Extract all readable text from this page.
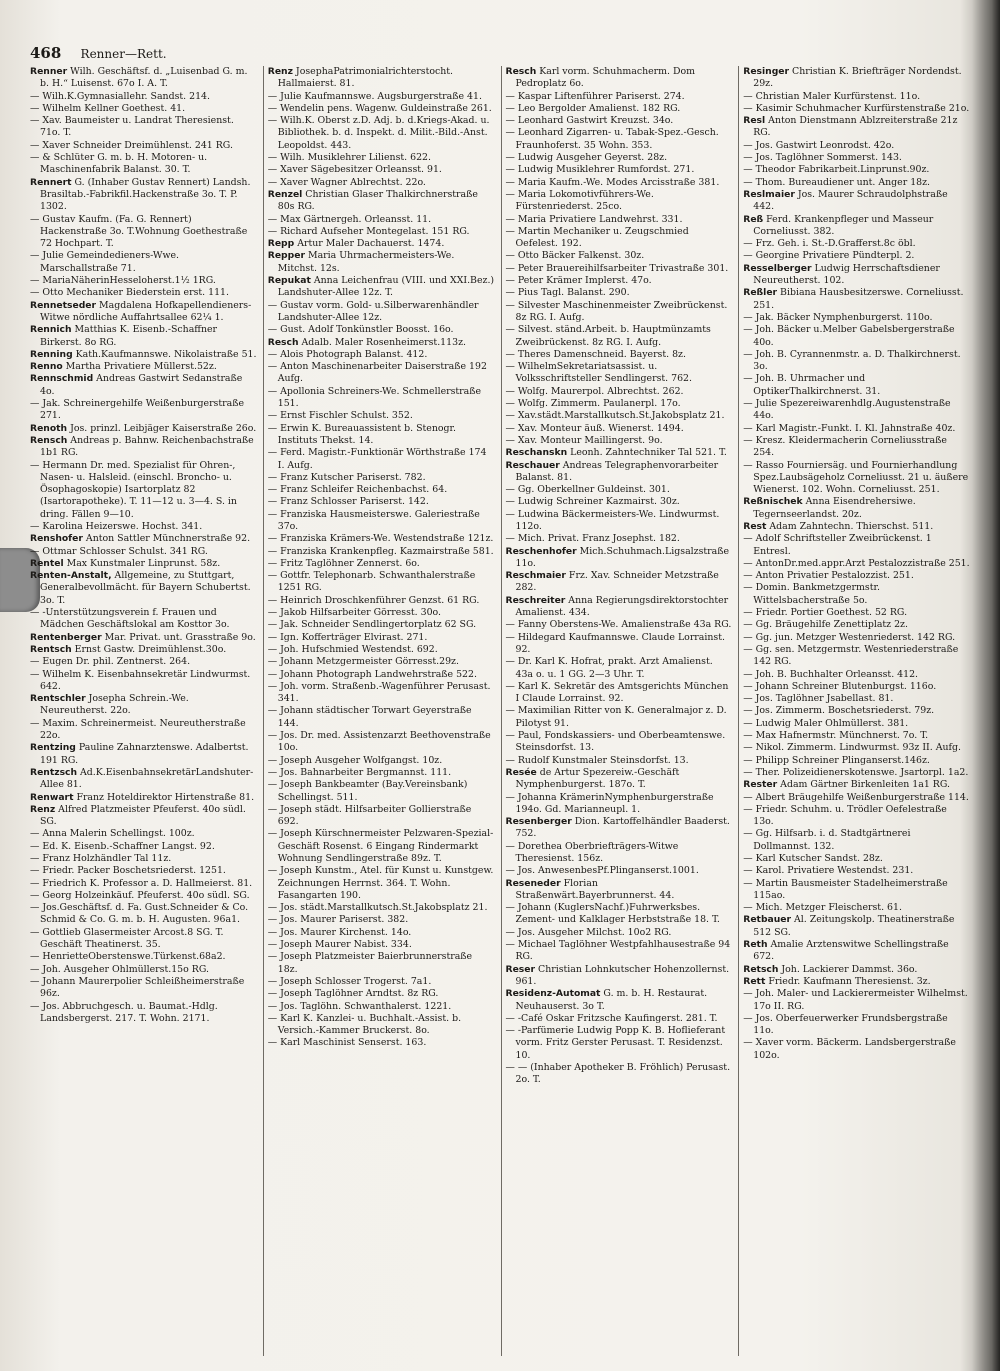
468 Renner—Rett.

Renner Wilh. Geschäftsf. d. „Luisenbad G. m. b. H.“ Luisenst. 67o I. A. T.

— Wilh.K.Gymnasiallehr. Sandst. 214.

— Wilhelm Kellner Goethest. 41.

— Xav. Baumeister u. Landrat Theresienst. 71o. T.

— Xaver Schneider Dreimühlenst. 241 RG.

— & Schlüter G. m. b. H. Motoren- u. Maschinenfabrik Balanst. 30. T.

Rennert G. (Inhaber Gustav Rennert) Landsh. Brasiltab.-Fabrikfil.Hackenstraße 3o. T. P. 1302.

— Gustav Kaufm. (Fa. G. Rennert) Hackenstraße 3o. T.Wohnung Goethestraße 72 Hochpart. T.

— Julie Gemeindedieners-Wwe. Marschallstraße 71.

— MariaNäherinHesseloherst.1½ 1RG.

— Otto Mechaniker Biederstein erst. 111.

Rennetseder Magdalena Hofkapellendieners-Witwe nördliche Auffahrtsallee 62¼ 1.

Rennich Matthias K. Eisenb.-Schaffner Birkerst. 8o RG.

Renning Kath.Kaufmannswe. Nikolaistraße 51.

Renno Martha Privatiere Müllerst.52z.

Rennschmid Andreas Gastwirt Sedanstraße 4o.

— Jak. Schreinergehilfe Weißenburgerstraße 271.

Renoth Jos. prinzl. Leibjäger Kaiserstraße 26o.

Rensch Andreas p. Bahnw. Reichenbachstraße 1b1 RG.

— Hermann Dr. med. Spezialist für Ohren-, Nasen- u. Halsleid. (einschl. Broncho- u. Ösophagoskopie) Isartorplatz 82 (Isartorapotheke). T. 11—12 u. 3—4. S. in dring. Fällen 9—10.

— Karolina Heizerswe. Hochst. 341.

Renshofer Anton Sattler Münchnerstraße 92.

— Ottmar Schlosser Schulst. 341 RG.

Rentel Max Kunstmaler Linprunst. 58z.

Renten-Anstalt, Allgemeine, zu Stuttgart, Generalbevollmächt. für Bayern Schubertst. 3o. T.

— -Unterstützungsverein f. Frauen und Mädchen Geschäftslokal am Kosttor 3o.

Rentenberger Mar. Privat. unt. Grasstraße 9o.

Rentsch Ernst Gastw. Dreimühlenst.30o.

— Eugen Dr. phil. Zentnerst. 264.

— Wilhelm K. Eisenbahnsekretär Lindwurmst. 642.

Rentschler Josepha Schrein.-We. Neureutherst. 22o.

— Maxim. Schreinermeist. Neureutherstraße 22o.

Rentzing Pauline Zahnarztenswe. Adalbertst. 191 RG.

Rentzsch Ad.K.EisenbahnsekretärLandshuter-Allee 81.

Renwart Franz Hoteldirektor Hirtenstraße 81.

Renz Alfred Platzmeister Pfeuferst. 40o südl. SG.

— Anna Malerin Schellingst. 100z.

— Ed. K. Eisenb.-Schaffner Langst. 92.

— Franz Holzhändler Tal 11z.

— Friedr. Packer Boschetsriederst. 1251.

— Friedrich K. Professor a. D. Hallmeierst. 81.

— Georg Holzeinkäuf. Pfeuferst. 40o südl. SG.

— Jos.Geschäftsf. d. Fa. Gust.Schneider & Co. Schmid & Co. G. m. b. H. Augusten. 96a1.

— Gottlieb Glasermeister Arcost.8 SG. T. Geschäft Theatinerst. 35.

— HenrietteOberstenswe.Türkenst.68a2.

— Joh. Ausgeher Ohlmüllerst.15o RG.

— Johann Maurerpolier Schleißheimerstraße 96z.

— Jos. Abbruchgesch. u. Baumat.-Hdlg. Landsbergerst. 217. T. Wohn. 2171.

Renz JosephaPatrimonialrichterstocht. Hallmaierst. 81.

— Julie Kaufmannswe. Augsburgerstraße 41.

— Wendelin pens. Wagenw. Guldeinstraße 261.

— Wilh.K. Oberst z.D. Adj. b. d.Kriegs-Akad. u. Bibliothek. b. d. Inspekt. d. Milit.-Bild.-Anst. Leopoldst. 443.

— Wilh. Musiklehrer Lilienst. 622.

— Xaver Sägebesitzer Orleansst. 91.

— Xaver Wagner Ablrechtst. 22o.

Renzel Christian Glaser Thalkirchnerstraße 80s RG.

— Max Gärtnergeh. Orleansst. 11.

— Richard Aufseher Montegelast. 151 RG.

Repp Artur Maler Dachauerst. 1474.

Repper Maria Uhrmachermeisters-We. Mitchst. 12s.

Repukat Anna Leichenfrau (VIII. und XXI.Bez.) Landshuter-Allee 12z. T.

— Gustav vorm. Gold- u.Silberwarenhändler Landshuter-Allee 12z.

— Gust. Adolf Tonkünstler Boosst. 16o.

Resch Adalb. Maler Rosenheimerst.113z.

— Alois Photograph Balanst. 412.

— Anton Maschinenarbeiter Daiserstraße 192 Aufg.

— Apollonia Schreiners-We. Schmellerstraße 151.

— Ernst Fischler Schulst. 352.

— Erwin K. Bureauassistent b. Stenogr. Instituts Thekst. 14.

— Ferd. Magistr.-Funktionär Wörthstraße 174 I. Aufg.

— Franz Kutscher Pariserst. 782.

— Franz Schleifer Reichenbachst. 64.

— Franz Schlosser Pariserst. 142.

— Franziska Hausmeisterswe. Galeriestraße 37o.

— Franziska Krämers-We. Westendstraße 121z.

— Franziska Krankenpfleg. Kazmairstraße 581.

— Fritz Taglöhner Zennerst. 6o.

— Gottfr. Telephonarb. Schwanthalerstraße 1251 RG.

— Heinrich Droschkenführer Genzst. 61 RG.

— Jakob Hilfsarbeiter Görresst. 30o.

— Jak. Schneider Sendlingertorplatz 62 SG.

— Ign. Kofferträger Elvirast. 271.

— Joh. Hufschmied Westendst. 692.

— Johann Metzgermeister Görresst.29z.

— Johann Photograph Landwehrstraße 522.

— Joh. vorm. Straßenb.-Wagenführer Perusast. 341.

— Johann städtischer Torwart Geyerstraße 144.

— Jos. Dr. med. Assistenzarzt Beethovenstraße 10o.

— Joseph Ausgeher Wolfgangst. 10z.

— Jos. Bahnarbeiter Bergmannst. 111.

— Joseph Bankbeamter (Bay.Vereinsbank) Schellingst. 511.

— Joseph städt. Hilfsarbeiter Gollierstraße 692.

— Joseph Kürschnermeister Pelzwaren-Spezial-Geschäft Rosenst. 6 Eingang Rindermarkt Wohnung Sendlingerstraße 89z. T.

— Joseph Kunstm., Atel. für Kunst u. Kunstgew. Zeichnungen Herrnst. 364. T. Wohn. Fasangarten 190.

— Jos. städt.Marstallkutsch.St.Jakobsplatz 21.

— Jos. Maurer Pariserst. 382.

— Jos. Maurer Kirchenst. 14o.

— Joseph Maurer Nabist. 334.

— Joseph Platzmeister Baierbrunnerstraße 18z.

— Joseph Schlosser Trogerst. 7a1.

— Joseph Taglöhner Arndtst. 8z RG.

— Jos. Taglöhn. Schwanthalerst. 1221.

— Karl K. Kanzlei- u. Buchhalt.-Assist. b. Versich.-Kammer Bruckerst. 8o.

— Karl Maschinist Senserst. 163.

Resch Karl vorm. Schuhmacherm. Dom Pedroplatz 6o.

— Kaspar Liftenführer Pariserst. 274.

— Leo Bergolder Amalienst. 182 RG.

— Leonhard Gastwirt Kreuzst. 34o.

— Leonhard Zigarren- u. Tabak-Spez.-Gesch. Fraunhoferst. 35 Wohn. 353.

— Ludwig Ausgeher Geyerst. 28z.

— Ludwig Musiklehrer Rumfordst. 271.

— Maria Kaufm.-We. Modes Arcisstraße 381.

— Maria Lokomotivführers-We. Fürstenriederst. 25co.

— Maria Privatiere Landwehrst. 331.

— Martin Mechaniker u. Zeugschmied Oefelest. 192.

— Otto Bäcker Falkenst. 30z.

— Peter Brauereihilfsarbeiter Trivastraße 301.

— Peter Krämer Implerst. 47o.

— Pius Tagl. Balanst. 290.

— Silvester Maschinenmeister Zweibrückenst. 8z RG. I. Aufg.

— Silvest. ständ.Arbeit. b. Hauptmünzamts Zweibrückenst. 8z RG. I. Aufg.

— Theres Damenschneid. Bayerst. 8z.

— WilhelmSekretariatsassist. u. Volksschriftsteller Sendlingerst. 762.

— Wolfg. Maurerpol. Albrechtst. 262.

— Wolfg. Zimmerm. Paulanerpl. 17o.

— Xav.städt.Marstallkutsch.St.Jakobsplatz 21.

— Xav. Monteur äuß. Wienerst. 1494.

— Xav. Monteur Maillingerst. 9o.

Reschanskn Leonh. Zahntechniker Tal 521. T.

Reschauer Andreas Telegraphenvorarbeiter Balanst. 81.

— Gg. Oberkellner Guldeinst. 301.

— Ludwig Schreiner Kazmairst. 30z.

— Ludwina Bäckermeisters-We. Lindwurmst. 112o.

— Mich. Privat. Franz Josephst. 182.

Reschenhofer Mich.Schuhmach.Ligsalzstraße 11o.

Reschmaier Frz. Xav. Schneider Metzstraße 282.

Reschreiter Anna Regierungsdirektorstochter Amalienst. 434.

— Fanny Oberstens-We. Amalienstraße 43a RG.

— Hildegard Kaufmannswe. Claude Lorrainst. 92.

— Dr. Karl K. Hofrat, prakt. Arzt Amalienst. 43a o. u. 1 GG. 2—3 Uhr. T.

— Karl K. Sekretär des Amtsgerichts München I Claude Lorrainst. 92.

— Maximilian Ritter von K. Generalmajor z. D. Pilotyst 91.

— Paul, Fondskassiers- und Oberbeamtenswe. Steinsdorfst. 13.

— Rudolf Kunstmaler Steinsdorfst. 13.

Resée de Artur Spezereiw.-Geschäft Nymphenburgerst. 187o. T.

— Johanna KrämerinNymphenburgerstraße 194o. Gd. Marianneupl. 1.

Resenberger Dion. Kartoffelhändler Baaderst. 752.

— Dorethea Oberbriefträgers-Witwe Theresienst. 156z.

— Jos. AnwesenbesPf.Plinganserst.1001.

Reseneder Florian Straßenwärt.Bayerbrunnerst. 44.

— Johann (KuglersNachf.)Fuhrwerksbes. Zement- und Kalklager Herbststraße 18. T.

— Jos. Ausgeher Milchst. 10o2 RG.

— Michael Taglöhner Westpfahlhausestraße 94 RG.

Reser Christian Lohnkutscher Hohenzollernst. 961.

Residenz-Automat G. m. b. H. Restaurat. Neuhauserst. 3o T.

— -Café Oskar Fritzsche Kaufingerst. 281. T.

— -Parfümerie Ludwig Popp K. B. Hoflieferant vorm. Fritz Gerster Perusast. T. Residenzst. 10.

— — (Inhaber Apotheker B. Fröhlich) Perusast. 2o. T.

Resinger Christian K. Briefträger Nordendst. 29z.

— Christian Maler Kurfürstenst. 11o.

— Kasimir Schuhmacher Kurfürstenstraße 21o.

Resl Anton Dienstmann Ablzreiterstraße 21z RG.

— Jos. Gastwirt Leonrodst. 42o.

— Jos. Taglöhner Sommerst. 143.

— Theodor Fabrikarbeit.Linprunst.90z.

— Thom. Bureaudiener unt. Anger 18z.

Reslmaier Jos. Maurer Schraudolphstraße 442.

Reß Ferd. Krankenpfleger und Masseur Corneliusst. 382.

— Frz. Geh. i. St.-D.Grafferst.8c öbl.

— Georgine Privatiere Pündterpl. 2.

Resselberger Ludwig Herrschaftsdiener Neureutherst. 102.

Reßler Bibiana Hausbesitzerswe. Corneliusst. 251.

— Jak. Bäcker Nymphenburgerst. 110o.

— Joh. Bäcker u.Melber Gabelsbergerstraße 40o.

— Joh. B. Cyrannenmstr. a. D. Thalkirchnerst. 3o.

— Joh. B. Uhrmacher und OptikerThalkirchnerst. 31.

— Julie Spezereiwarenhdlg.Augustenstraße 44o.

— Karl Magistr.-Funkt. I. Kl. Jahnstraße 40z.

— Kresz. Kleidermacherin Corneliusstraße 254.

— Rasso Fourniersäg. und Fournierhandlung Spez.Laubsägeholz Corneliusst. 21 u. äußere Wienerst. 102. Wohn. Corneliusst. 251.

Reßnischek Anna Eisendrehersiwe. Tegernseerlandst. 20z.

Rest Adam Zahntechn. Thierschst. 511.

— Adolf Schriftsteller Zweibrückenst. 1 Entresl.

— AntonDr.med.appr.Arzt Pestalozzistraße 251.

— Anton Privatier Pestalozzist. 251.

— Domin. Bankmetzgermstr. Wittelsbacherstraße 5o.

— Friedr. Portier Goethest. 52 RG.

— Gg. Bräugehilfe Zenettiplatz 2z.

— Gg. jun. Metzger Westenriederst. 142 RG.

— Gg. sen. Metzgermstr. Westenriederstraße 142 RG.

— Joh. B. Buchhalter Orleansst. 412.

— Johann Schreiner Blutenburgst. 116o.

— Jos. Taglöhner Jsabellast. 81.

— Jos. Zimmerm. Boschetsriederst. 79z.

— Ludwig Maler Ohlmüllerst. 381.

— Max Hafnermstr. Münchnerst. 7o. T.

— Nikol. Zimmerm. Lindwurmst. 93z II. Aufg.

— Philipp Schreiner Plinganserst.146z.

— Ther. Polizeidienerskotenswe. Jsartorpl. 1a2.

Rester Adam Gärtner Birkenleiten 1a1 RG.

— Albert Bräugehilfe Weißenburgerstraße 114.

— Friedr. Schuhm. u. Trödler Oefelestraße 13o.

— Gg. Hilfsarb. i. d. Stadtgärtnerei Dollmannst. 132.

— Karl Kutscher Sandst. 28z.

— Karol. Privatiere Westendst. 231.

— Martin Bausmeister Stadelheimerstraße 115ao.

— Mich. Metzger Fleischerst. 61.

Retbauer Al. Zeitungskolp. Theatinerstraße 512 SG.

Reth Amalie Arztenswitwe Schellingstraße 672.

Retsch Joh. Lackierer Dammst. 36o.

Rett Friedr. Kaufmann Theresienst. 3z.

— Joh. Maler- und Lackierermeister Wilhelmst. 17o II. RG.

— Jos. Oberfeuerwerker Frundsbergstraße 11o.

— Xaver vorm. Bäckerm. Landsbergerstraße 102o.
